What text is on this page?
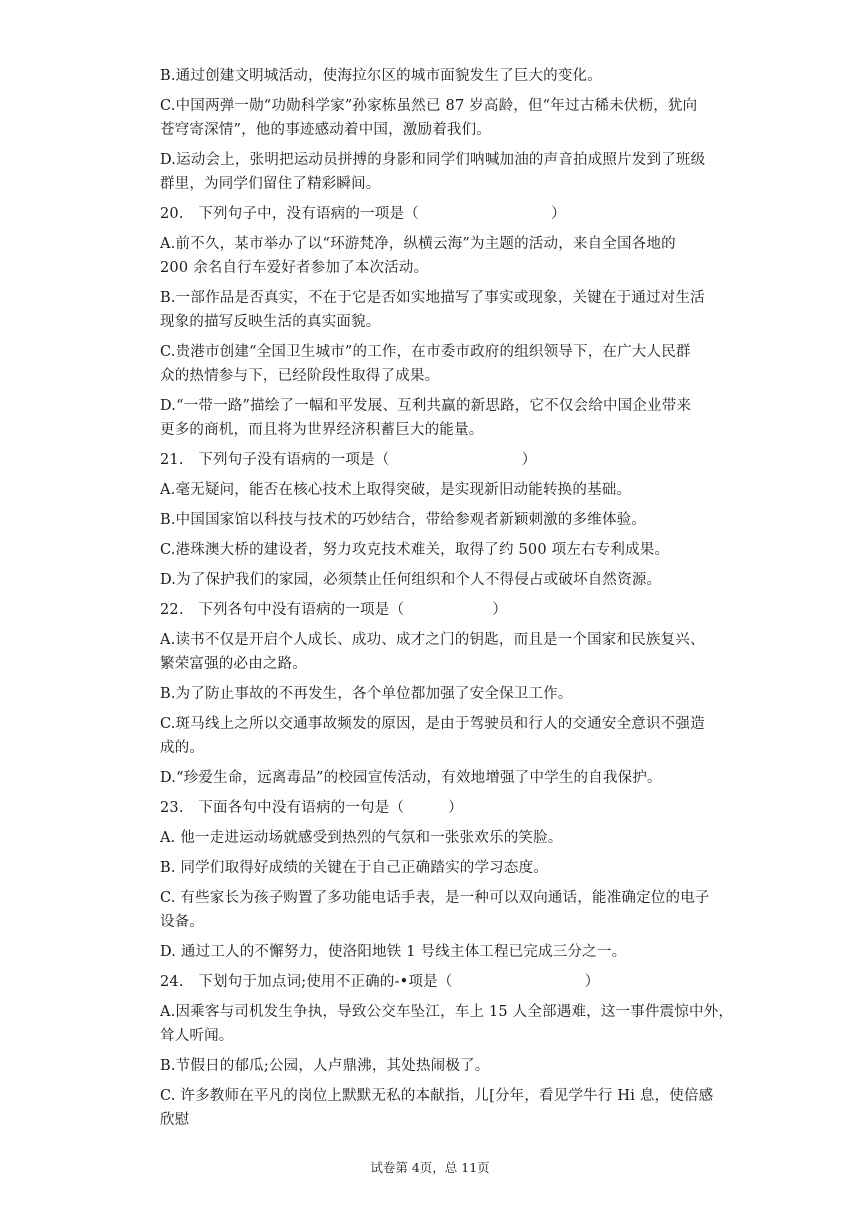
B.通过创建文明城活动，使海拉尔区的城市面貌发生了巨大的变化。
C.中国两弹一勋“功勋科学家”孙家栋虽然已 87 岁高龄，但“年过古稀未伏枥，犹向
苍穹寄深情”，他的事迹感动着中国，激励着我们。
D.运动会上，张明把运动员拼搏的身影和同学们呐喊加油的声音拍成照片发到了班级
群里，为同学们留住了精彩瞬间。
20.　下列句子中，没有语病的一项是（　　　　　　　　　）
A.前不久，某市举办了以“环游梵净，纵横云海”为主题的活动，来自全国各地的
200 余名自行车爱好者参加了本次活动。
B.一部作品是否真实，不在于它是否如实地描写了事实或现象，关键在于通过对生活
现象的描写反映生活的真实面貌。
C.贵港市创建“全国卫生城市”的工作，在市委市政府的组织领导下，在广大人民群
众的热情参与下，已经阶段性取得了成果。
D.“一带一路”描绘了一幅和平发展、互利共赢的新思路，它不仅会给中国企业带来
更多的商机，而且将为世界经济积蓄巨大的能量。
21.　下列句子没有语病的一项是（　　　　　　　　　）
A.毫无疑问，能否在核心技术上取得突破，是实现新旧动能转换的基础。
B.中国国家馆以科技与技术的巧妙结合，带给参观者新颖刺激的多维体验。
C.港珠澳大桥的建设者，努力攻克技术难关，取得了约 500 项左右专利成果。
D.为了保护我们的家园，必须禁止任何组织和个人不得侵占或破坏自然资源。
22.　下列各句中没有语病的一项是（　　　　　　）
A.读书不仅是开启个人成长、成功、成才之门的钥匙，而且是一个国家和民族复兴、
繁荣富强的必由之路。
B.为了防止事故的不再发生，各个单位都加强了安全保卫工作。
C.斑马线上之所以交通事故频发的原因，是由于驾驶员和行人的交通安全意识不强造
成的。
D.“珍爱生命，远离毒品”的校园宣传活动，有效地增强了中学生的自我保护。
23.　下面各句中没有语病的一句是（　　　）
A. 他一走进运动场就感受到热烈的气氛和一张张欢乐的笑脸。
B. 同学们取得好成绩的关键在于自己正确踏实的学习态度。
C. 有些家长为孩子购置了多功能电话手表，是一种可以双向通话，能准确定位的电子
设备。
D. 通过工人的不懈努力，使洛阳地铁 1 号线主体工程已完成三分之一。
24.　下划句于加点词;使用不正确的-•项是（　　　　　　　　　）
A.因乘客与司机发生争执，导致公交车坠江，车上 15 人全部遇难，这一事件震惊中外，
耸人听闻。
B.节假日的郁瓜;公园，人卢鼎沸，其处热闹极了。
C. 许多教师在平凡的岗位上默默无私的本献指，儿[分年，看见学牛行 Hi 息，使倍感
欣慰
试卷第 4页，总 11页
